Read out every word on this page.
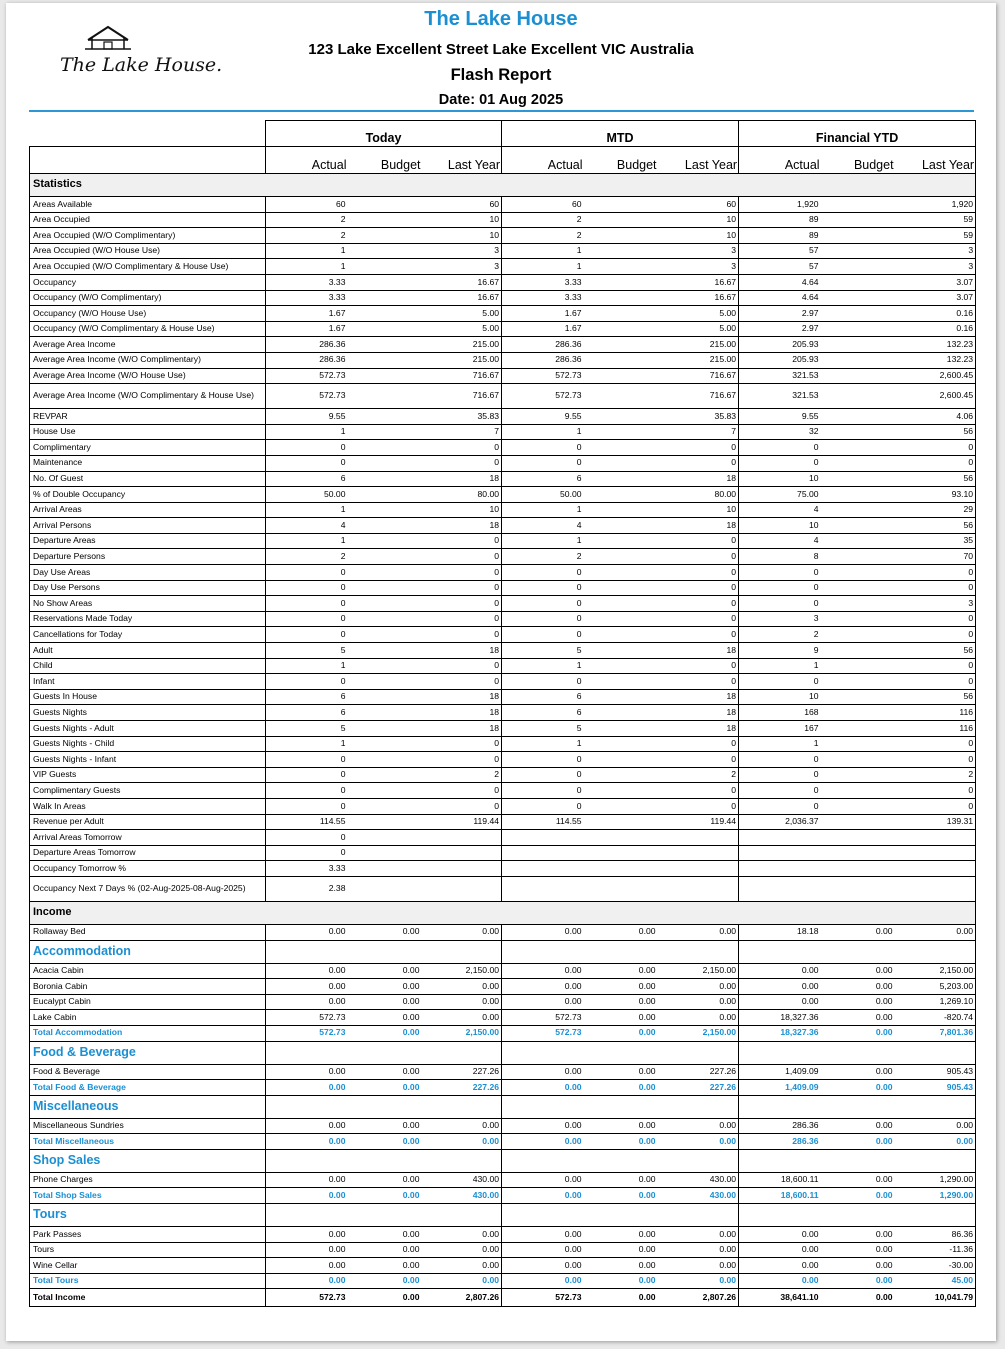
The Lake House.
The Lake House
123 Lake Excellent Street Lake Excellent VIC Australia
Flash Report
Date: 01 Aug 2025
	Today			MTD			Financial YTD		
	Actual	Budget	Last Year	Actual	Budget	Last Year	Actual	Budget	Last Year
Statistics									
Areas Available	60		60	60		60	1,920		1,920
Area Occupied	2		10	2		10	89		59
Area Occupied (W/O Complimentary)	2		10	2		10	89		59
Area Occupied (W/O House Use)	1		3	1		3	57		3
Area Occupied (W/O Complimentary & House Use)	1		3	1		3	57		3
Occupancy	3.33		16.67	3.33		16.67	4.64		3.07
Occupancy (W/O Complimentary)	3.33		16.67	3.33		16.67	4.64		3.07
Occupancy (W/O House Use)	1.67		5.00	1.67		5.00	2.97		0.16
Occupancy (W/O Complimentary & House Use)	1.67		5.00	1.67		5.00	2.97		0.16
Average Area Income	286.36		215.00	286.36		215.00	205.93		132.23
Average Area Income (W/O Complimentary)	286.36		215.00	286.36		215.00	205.93		132.23
Average Area Income (W/O House Use)	572.73		716.67	572.73		716.67	321.53		2,600.45
Average Area Income (W/O Complimentary & House Use)	572.73		716.67	572.73		716.67	321.53		2,600.45
REVPAR	9.55		35.83	9.55		35.83	9.55		4.06
House Use	1		7	1		7	32		56
Complimentary	0		0	0		0	0		0
Maintenance	0		0	0		0	0		0
No. Of Guest	6		18	6		18	10		56
% of Double Occupancy	50.00		80.00	50.00		80.00	75.00		93.10
Arrival Areas	1		10	1		10	4		29
Arrival Persons	4		18	4		18	10		56
Departure Areas	1		0	1		0	4		35
Departure Persons	2		0	2		0	8		70
Day Use Areas	0		0	0		0	0		0
Day Use Persons	0		0	0		0	0		0
No Show Areas	0		0	0		0	0		3
Reservations Made Today	0		0	0		0	3		0
Cancellations for Today	0		0	0		0	2		0
Adult	5		18	5		18	9		56
Child	1		0	1		0	1		0
Infant	0		0	0		0	0		0
Guests In House	6		18	6		18	10		56
Guests Nights	6		18	6		18	168		116
Guests Nights - Adult	5		18	5		18	167		116
Guests Nights - Child	1		0	1		0	1		0
Guests Nights - Infant	0		0	0		0	0		0
VIP Guests	0		2	0		2	0		2
Complimentary Guests	0		0	0		0	0		0
Walk In Areas	0		0	0		0	0		0
Revenue per Adult	114.55		119.44	114.55		119.44	2,036.37		139.31
Arrival Areas Tomorrow	0								
Departure Areas Tomorrow	0								
Occupancy Tomorrow %	3.33								
Occupancy Next 7 Days % (02-Aug-2025-08-Aug-2025)	2.38								
Income									
Rollaway Bed	0.00	0.00	0.00	0.00	0.00	0.00	18.18	0.00	0.00
Accommodation									
Acacia Cabin	0.00	0.00	2,150.00	0.00	0.00	2,150.00	0.00	0.00	2,150.00
Boronia Cabin	0.00	0.00	0.00	0.00	0.00	0.00	0.00	0.00	5,203.00
Eucalypt Cabin	0.00	0.00	0.00	0.00	0.00	0.00	0.00	0.00	1,269.10
Lake Cabin	572.73	0.00	0.00	572.73	0.00	0.00	18,327.36	0.00	-820.74
Total Accommodation	572.73	0.00	2,150.00	572.73	0.00	2,150.00	18,327.36	0.00	7,801.36
Food & Beverage									
Food & Beverage	0.00	0.00	227.26	0.00	0.00	227.26	1,409.09	0.00	905.43
Total Food & Beverage	0.00	0.00	227.26	0.00	0.00	227.26	1,409.09	0.00	905.43
Miscellaneous									
Miscellaneous Sundries	0.00	0.00	0.00	0.00	0.00	0.00	286.36	0.00	0.00
Total Miscellaneous	0.00	0.00	0.00	0.00	0.00	0.00	286.36	0.00	0.00
Shop Sales									
Phone Charges	0.00	0.00	430.00	0.00	0.00	430.00	18,600.11	0.00	1,290.00
Total Shop Sales	0.00	0.00	430.00	0.00	0.00	430.00	18,600.11	0.00	1,290.00
Tours									
Park Passes	0.00	0.00	0.00	0.00	0.00	0.00	0.00	0.00	86.36
Tours	0.00	0.00	0.00	0.00	0.00	0.00	0.00	0.00	-11.36
Wine Cellar	0.00	0.00	0.00	0.00	0.00	0.00	0.00	0.00	-30.00
Total Tours	0.00	0.00	0.00	0.00	0.00	0.00	0.00	0.00	45.00
Total Income	572.73	0.00	2,807.26	572.73	0.00	2,807.26	38,641.10	0.00	10,041.79
